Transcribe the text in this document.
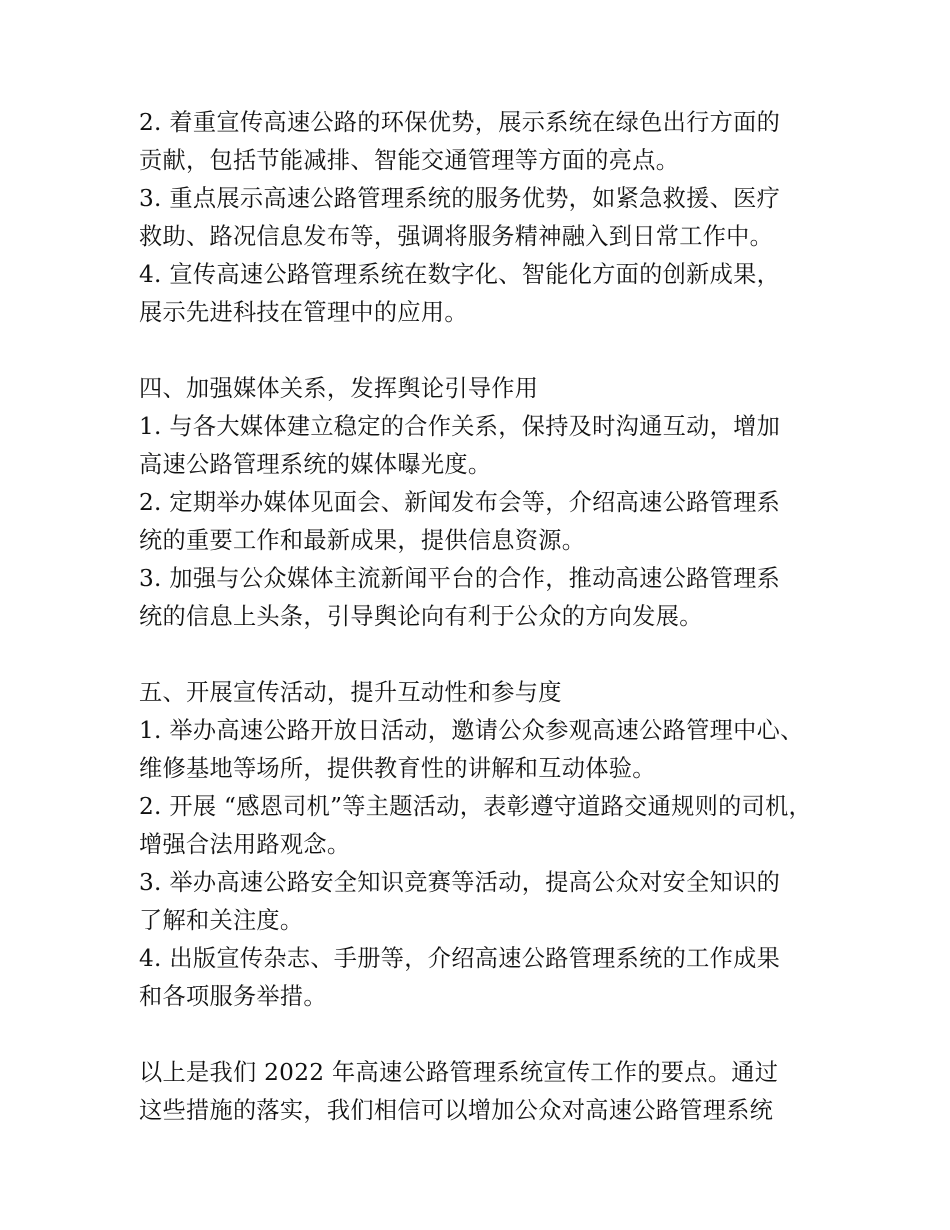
2. 着重宣传高速公路的环保优势，展示系统在绿色出行方面的
贡献，包括节能减排、智能交通管理等方面的亮点。
3. 重点展示高速公路管理系统的服务优势，如紧急救援、医疗
救助、路况信息发布等，强调将服务精神融入到日常工作中。
4. 宣传高速公路管理系统在数字化、智能化方面的创新成果，
展示先进科技在管理中的应用。
四、加强媒体关系，发挥舆论引导作用
1. 与各大媒体建立稳定的合作关系，保持及时沟通互动，增加
高速公路管理系统的媒体曝光度。
2. 定期举办媒体见面会、新闻发布会等，介绍高速公路管理系
统的重要工作和最新成果，提供信息资源。
3. 加强与公众媒体主流新闻平台的合作，推动高速公路管理系
统的信息上头条，引导舆论向有利于公众的方向发展。
五、开展宣传活动，提升互动性和参与度
1. 举办高速公路开放日活动，邀请公众参观高速公路管理中心、
维修基地等场所，提供教育性的讲解和互动体验。
2. 开展 “感恩司机”等主题活动，表彰遵守道路交通规则的司机，
增强合法用路观念。
3. 举办高速公路安全知识竞赛等活动，提高公众对安全知识的
了解和关注度。
4. 出版宣传杂志、手册等，介绍高速公路管理系统的工作成果
和各项服务举措。
以上是我们 2022 年高速公路管理系统宣传工作的要点。通过
这些措施的落实，我们相信可以增加公众对高速公路管理系统
